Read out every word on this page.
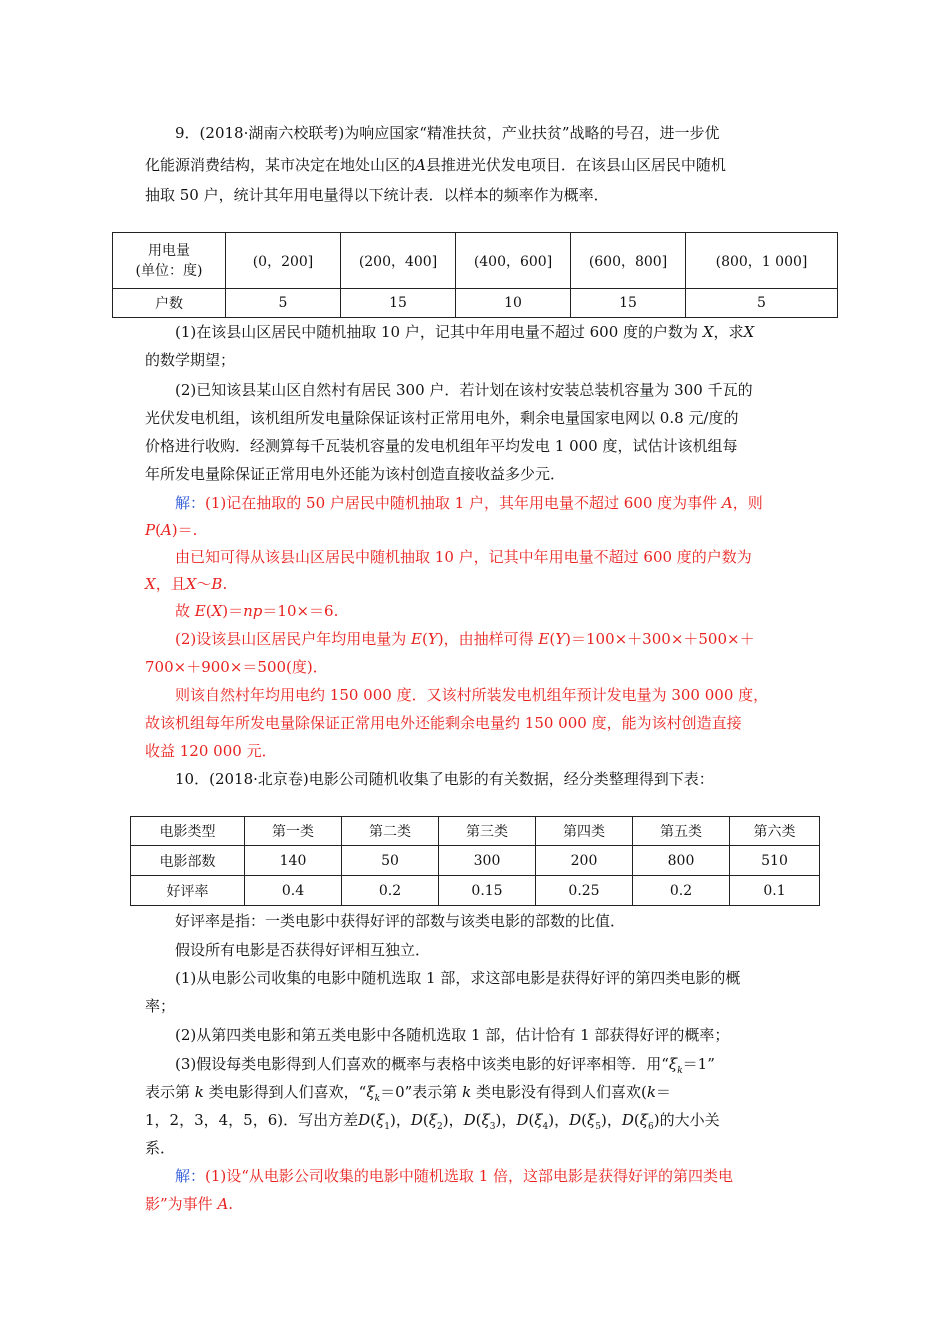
9．(2018·湖南六校联考)为响应国家“精准扶贫，产业扶贫”战略的号召，进一步优
化能源消费结构，某市决定在地处山区的A县推进光伏发电项目．在该县山区居民中随机
抽取 50 户，统计其年用电量得以下统计表．以样本的频率作为概率．
用电量
(单位：度)	(0，200]	(200，400]	(400，600]	(600，800]	(800，1 000]
户数	5	15	10	15	5
(1)在该县山区居民中随机抽取 10 户，记其中年用电量不超过 600 度的户数为 X，求X
的数学期望；
(2)已知该县某山区自然村有居民 300 户．若计划在该村安装总装机容量为 300 千瓦的
光伏发电机组，该机组所发电量除保证该村正常用电外，剩余电量国家电网以 0.8 元/度的
价格进行收购．经测算每千瓦装机容量的发电机组年平均发电 1 000 度，试估计该机组每
年所发电量除保证正常用电外还能为该村创造直接收益多少元．
解：(1)记在抽取的 50 户居民中随机抽取 1 户，其年用电量不超过 600 度为事件 A，则
P(A)＝.
由已知可得从该县山区居民中随机抽取 10 户，记其中年用电量不超过 600 度的户数为
X，且X～B.
故 E(X)＝np＝10×＝6.
(2)设该县山区居民户年均用电量为 E(Y)，由抽样可得 E(Y)＝100×＋300×＋500×＋
700×＋900×＝500(度)．
则该自然村年均用电约 150 000 度．又该村所装发电机组年预计发电量为 300 000 度，
故该机组每年所发电量除保证正常用电外还能剩余电量约 150 000 度，能为该村创造直接
收益 120 000 元．
10．(2018·北京卷)电影公司随机收集了电影的有关数据，经分类整理得到下表：
电影类型	第一类	第二类	第三类	第四类	第五类	第六类
电影部数	140	50	300	200	800	510
好评率	0.4	0.2	0.15	0.25	0.2	0.1
好评率是指：一类电影中获得好评的部数与该类电影的部数的比值．
假设所有电影是否获得好评相互独立．
(1)从电影公司收集的电影中随机选取 1 部，求这部电影是获得好评的第四类电影的概
率；
(2)从第四类电影和第五类电影中各随机选取 1 部，估计恰有 1 部获得好评的概率；
(3)假设每类电影得到人们喜欢的概率与表格中该类电影的好评率相等．用“$\xi_k=1$”
表示第 k 类电影得到人们喜欢，“$\xi_k=0$”表示第 k 类电影没有得到人们喜欢(k＝
1，2，3，4，5，6)．写出方差$D(\xi_1)$，$D(\xi_2)$，$D(\xi_3)$，$D(\xi_4)$，$D(\xi_5)$，$D(\xi_6)$的大小关
系．
解：(1)设“从电影公司收集的电影中随机选取 1 倍，这部电影是获得好评的第四类电
影”为事件 A.
